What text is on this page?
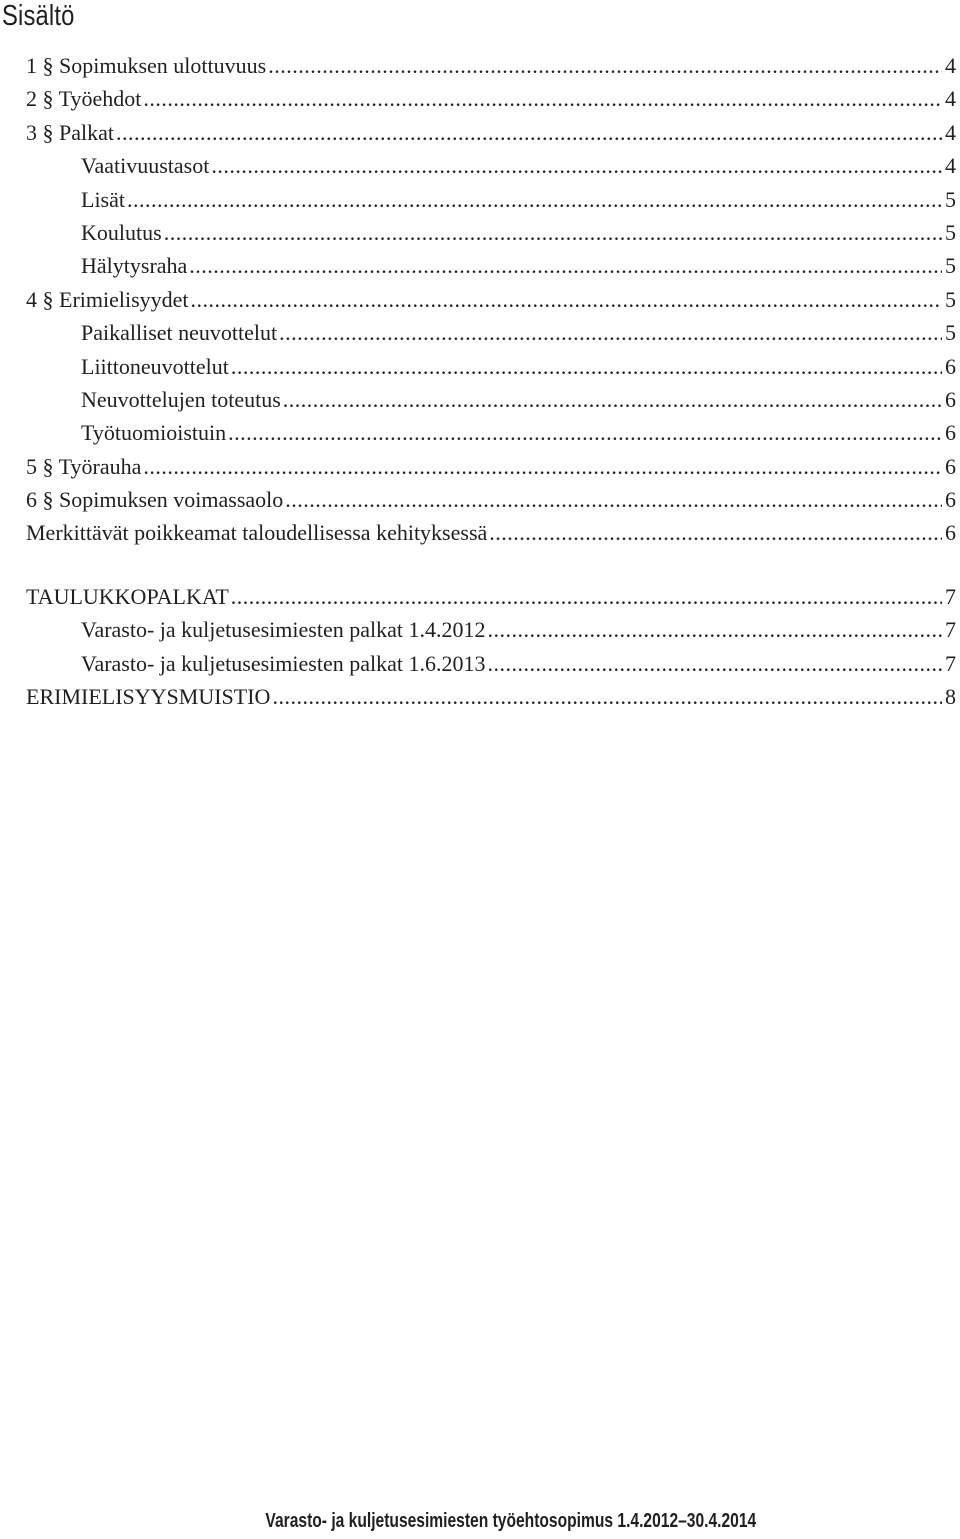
Sisältö
1 § Sopimuksen ulottuvuus .....	4
2 § Työehdot .....	4
3 § Palkat .....	4
Vaativuustasot .....	4
Lisät .....	5
Koulutus .....	5
Hälytysraha .....	5
4 § Erimielisyydet .....	5
Paikalliset neuvottelut .....	5
Liittoneuvottelut .....	6
Neuvottelujen toteutus .....	6
Työtuomioistuin .....	6
5 § Työrauha .....	6
6 § Sopimuksen voimassaolo .....	6
Merkittävät poikkeamat taloudellisessa kehityksessä .....	6
TAULUKKOPALKAT .....	7
Varasto- ja kuljetusesimiesten palkat 1.4.2012 .....	7
Varasto- ja kuljetusesimiesten palkat 1.6.2013 .....	7
ERIMIELISYYSMUISTIO .....	8
Varasto- ja kuljetusesimiesten työehtosopimus 1.4.2012–30.4.2014
